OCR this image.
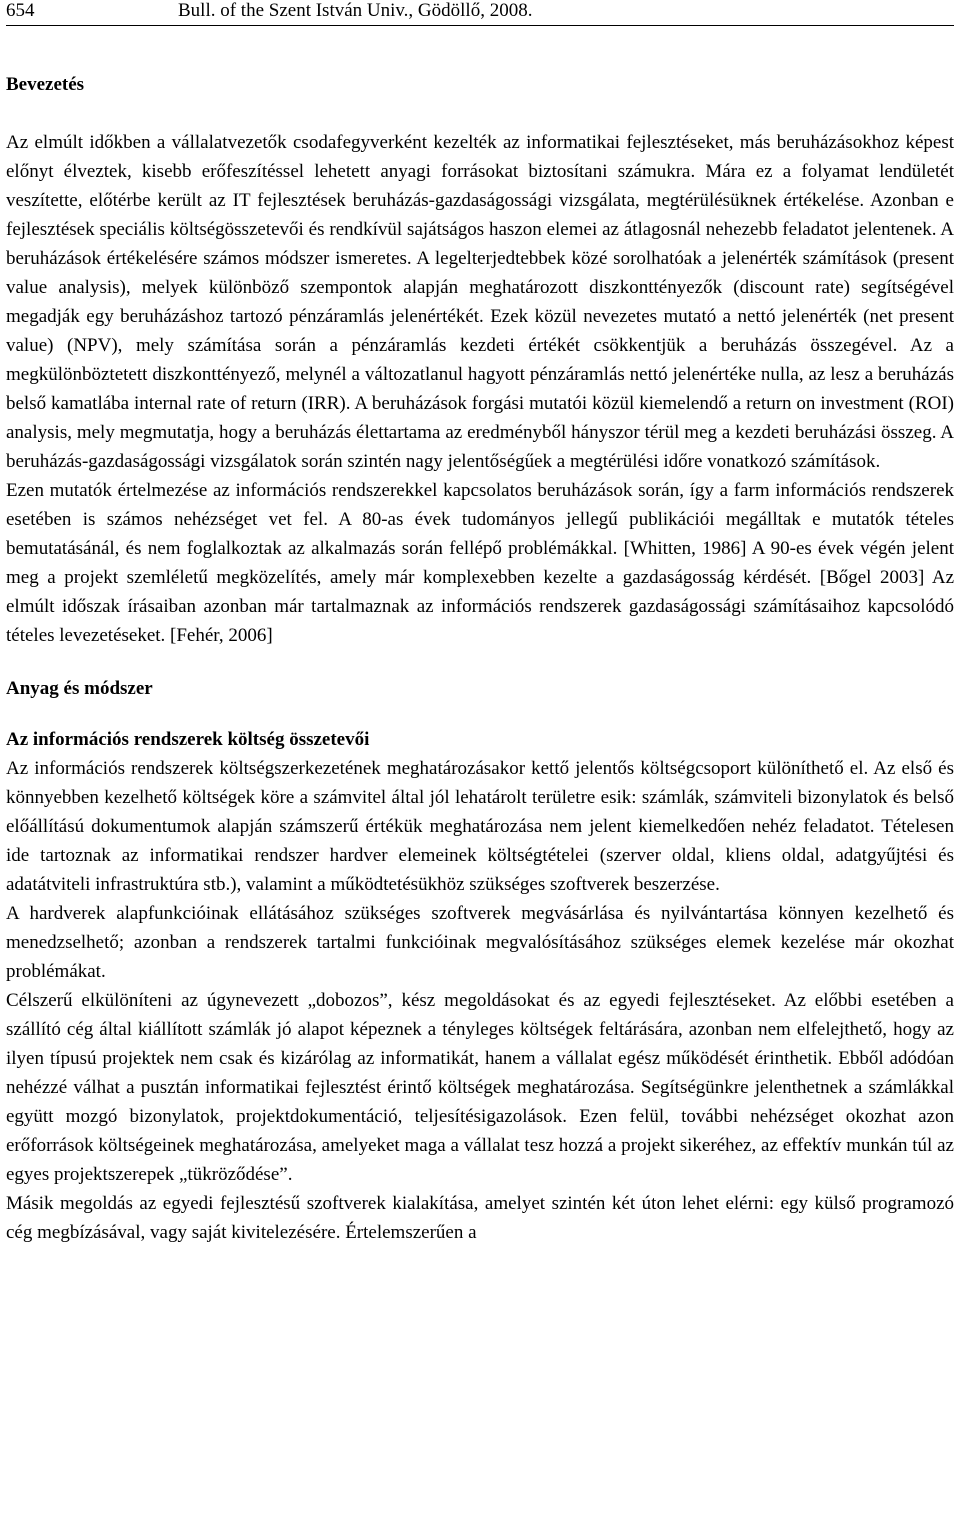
654	Bull. of the Szent István Univ., Gödöllő, 2008.
Bevezetés

Az elmúlt időkben a vállalatvezetők csodafegyverként kezelték az informatikai fejlesztéseket, más beruházásokhoz képest előnyt élveztek, kisebb erőfeszítéssel lehetett anyagi forrásokat biztosítani számukra. Mára ez a folyamat lendületét veszítette, előtérbe került az IT fejlesztések beruházás-gazdaságossági vizsgálata, megtérülésüknek értékelése. Azonban e fejlesztések speciális költségösszetevői és rendkívül sajátságos haszon elemei az átlagosnál nehezebb feladatot jelentenek. A beruházások értékelésére számos módszer ismeretes. A legelterjedtebbek közé sorolhatóak a jelenérték számítások (present value analysis), melyek különböző szempontok alapján meghatározott diszkonttényezők (discount rate) segítségével megadják egy beruházáshoz tartozó pénzáramlás jelenértékét. Ezek közül nevezetes mutató a nettó jelenérték (net present value) (NPV), mely számítása során a pénzáramlás kezdeti értékét csökkentjük a beruházás összegével. Az a megkülönböztetett diszkonttényező, melynél a változatlanul hagyott pénzáramlás nettó jelenértéke nulla, az lesz a beruházás belső kamatlába internal rate of return (IRR). A beruházások forgási mutatói közül kiemelendő a return on investment (ROI) analysis, mely megmutatja, hogy a beruházás élettartama az eredményből hányszor térül meg a kezdeti beruházási összeg. A beruházás-gazdaságossági vizsgálatok során szintén nagy jelentőségűek a megtérülési időre vonatkozó számítások.

Ezen mutatók értelmezése az információs rendszerekkel kapcsolatos beruházások során, így a farm információs rendszerek esetében is számos nehézséget vet fel. A 80-as évek tudományos jellegű publikációi megálltak e mutatók tételes bemutatásánál, és nem foglalkoztak az alkalmazás során fellépő problémákkal. [Whitten, 1986] A 90-es évek végén jelent meg a projekt szemléletű megközelítés, amely már komplexebben kezelte a gazdaságosság kérdését. [Bőgel 2003] Az elmúlt időszak írásaiban azonban már tartalmaznak az információs rendszerek gazdaságossági számításaihoz kapcsolódó tételes levezetéseket. [Fehér, 2006]

Anyag és módszer
Az információs rendszerek költség összetevői

Az információs rendszerek költségszerkezetének meghatározásakor kettő jelentős költségcsoport különíthető el. Az első és könnyebben kezelhető költségek köre a számvitel által jól lehatárolt területre esik: számlák, számviteli bizonylatok és belső előállítású dokumentumok alapján számszerű értékük meghatározása nem jelent kiemelkedően nehéz feladatot. Tételesen ide tartoznak az informatikai rendszer hardver elemeinek költségtételei (szerver oldal, kliens oldal, adatgyűjtési és adatátviteli infrastruktúra stb.), valamint a működtetésükhöz szükséges szoftverek beszerzése.

A hardverek alapfunkcióinak ellátásához szükséges szoftverek megvásárlása és nyilvántartása könnyen kezelhető és menedzselhető; azonban a rendszerek tartalmi funkcióinak megvalósításához szükséges elemek kezelése már okozhat problémákat.

Célszerű elkülöníteni az úgynevezett „dobozos”, kész megoldásokat és az egyedi fejlesztéseket. Az előbbi esetében a szállító cég által kiállított számlák jó alapot képeznek a tényleges költségek feltárására, azonban nem elfelejthető, hogy az ilyen típusú projektek nem csak és kizárólag az informatikát, hanem a vállalat egész működését érinthetik. Ebből adódóan nehézzé válhat a pusztán informatikai fejlesztést érintő költségek meghatározása. Segítségünkre jelenthetnek a számlákkal együtt mozgó bizonylatok, projektdokumentáció, teljesítésigazolások. Ezen felül, további nehézséget okozhat azon erőforrások költségeinek meghatározása, amelyeket maga a vállalat tesz hozzá a projekt sikeréhez, az effektív munkán túl az egyes projektszerepek „tükröződése”.

Másik megoldás az egyedi fejlesztésű szoftverek kialakítása, amelyet szintén két úton lehet elérni: egy külső programozó cég megbízásával, vagy saját kivitelezésére. Értelemszerűen a
